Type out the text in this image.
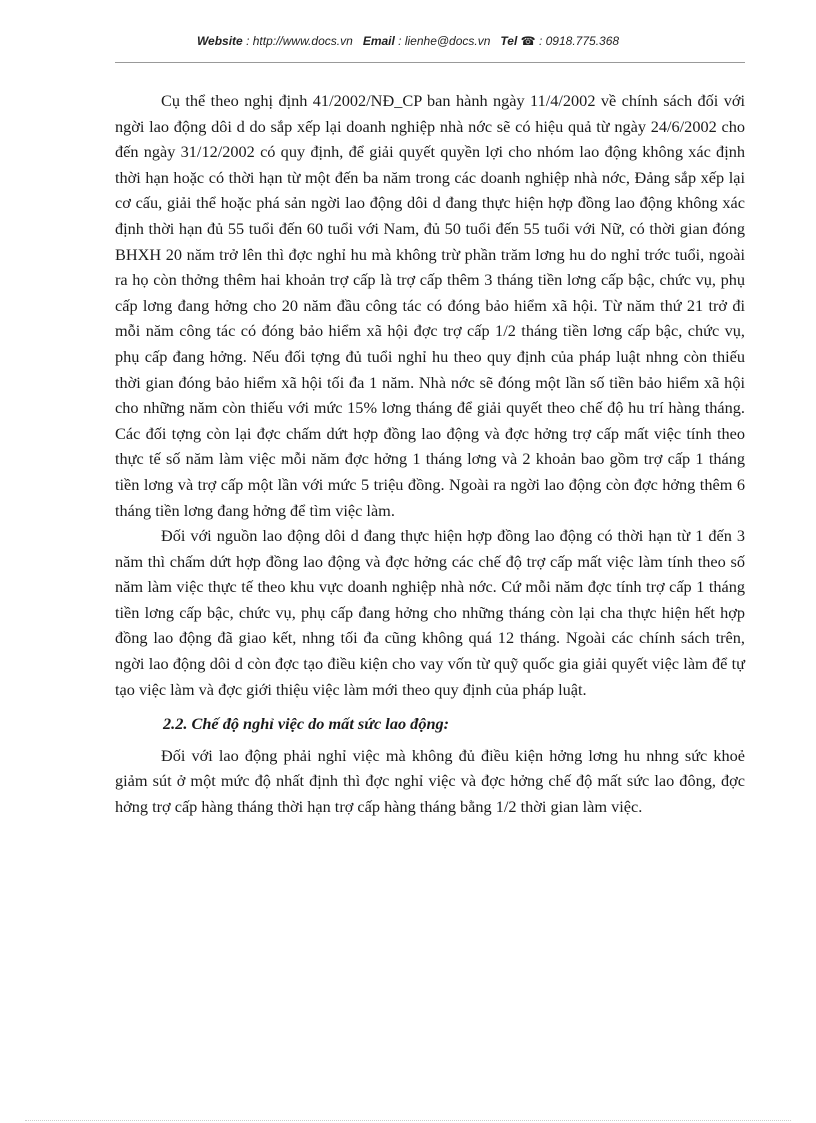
Website : http://www.docs.vn Email : lienhe@docs.vn Tel ☎ : 0918.775.368

Cụ thể theo nghị định 41/2002/NĐ_CP ban hành ngày 11/4/2002 về chính sách đối với ngời lao động dôi d do sắp xếp lại doanh nghiệp nhà nớc sẽ có hiệu quả từ ngày 24/6/2002 cho đến ngày 31/12/2002 có quy định, để giải quyết quyền lợi cho nhóm lao động không xác định thời hạn hoặc có thời hạn từ một đến ba năm trong các doanh nghiệp nhà nớc, Đảng sắp xếp lại cơ cấu, giải thể hoặc phá sản ngời lao động dôi d đang thực hiện hợp đồng lao động không xác định thời hạn đủ 55 tuổi đến 60 tuổi với Nam, đủ 50 tuổi đến 55 tuổi với Nữ, có thời gian đóng BHXH 20 năm trở lên thì đợc nghỉ hu mà không trừ phần trăm lơng hu do nghỉ trớc tuổi, ngoài ra họ còn thởng thêm hai khoản trợ cấp là trợ cấp thêm 3 tháng tiền lơng cấp bậc, chức vụ, phụ cấp lơng đang hởng cho 20 năm đầu công tác có đóng bảo hiểm xã hội. Từ năm thứ 21 trở đi mỗi năm công tác có đóng bảo hiểm xã hội đợc trợ cấp 1/2 tháng tiền lơng cấp bậc, chức vụ, phụ cấp đang hởng. Nếu đối tợng đủ tuổi nghỉ hu theo quy định của pháp luật nhng còn thiếu thời gian đóng bảo hiểm xã hội tối đa 1 năm. Nhà nớc sẽ đóng một lần số tiền bảo hiểm xã hội cho những năm còn thiếu với mức 15% lơng tháng để giải quyết theo chế độ hu trí hàng tháng. Các đối tợng còn lại đợc chấm dứt hợp đồng lao động và đợc hởng trợ cấp mất việc tính theo thực tế số năm làm việc mỗi năm đợc hởng 1 tháng lơng và 2 khoản bao gồm trợ cấp 1 tháng tiền lơng và trợ cấp một lần với mức 5 triệu đồng. Ngoài ra ngời lao động còn đợc hởng thêm 6 tháng tiền lơng đang hởng để tìm việc làm.

Đối với nguồn lao động dôi d đang thực hiện hợp đồng lao động có thời hạn từ 1 đến 3 năm thì chấm dứt hợp đồng lao động và đợc hởng các chế độ trợ cấp mất việc làm tính theo số năm làm việc thực tế theo khu vực doanh nghiệp nhà nớc. Cứ mỗi năm đợc tính trợ cấp 1 tháng tiền lơng cấp bậc, chức vụ, phụ cấp đang hởng cho những tháng còn lại cha thực hiện hết hợp đồng lao động đã giao kết, nhng tối đa cũng không quá 12 tháng. Ngoài các chính sách trên, ngời lao động dôi d còn đợc tạo điều kiện cho vay vốn từ quỹ quốc gia giải quyết việc làm để tự tạo việc làm và đợc giới thiệu việc làm mới theo quy định của pháp luật.

2.2. Chế độ nghỉ việc do mất sức lao động:

Đối với lao động phải nghỉ việc mà không đủ điều kiện hởng lơng hu nhng sức khoẻ giảm sút ở một mức độ nhất định thì đợc nghỉ việc và đợc hởng chế độ mất sức lao đông, đợc hởng trợ cấp hàng tháng thời hạn trợ cấp hàng tháng bằng 1/2 thời gian làm việc.
